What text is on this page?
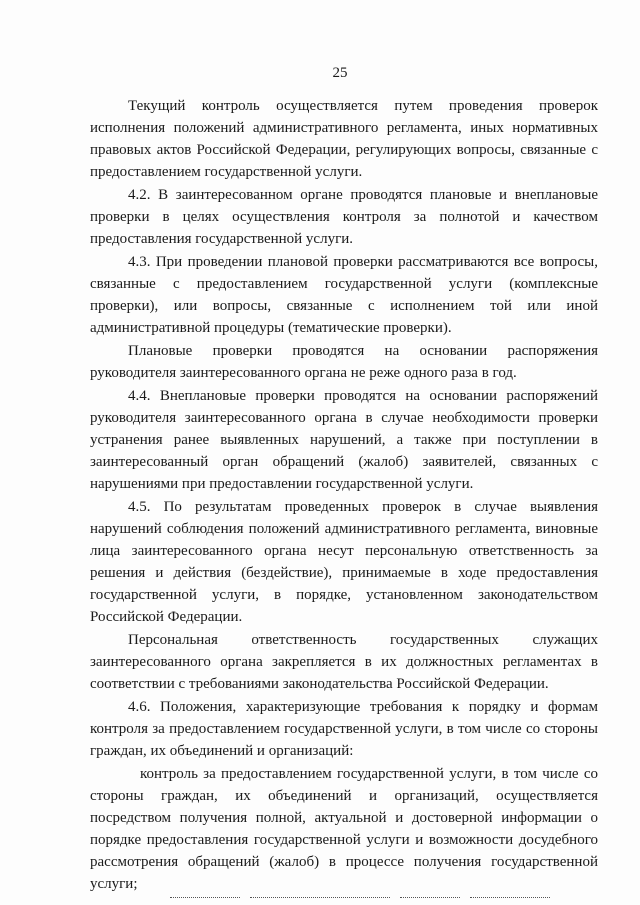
25

Текущий контроль осуществляется путем проведения проверок исполнения положений административного регламента, иных нормативных правовых актов Российской Федерации, регулирующих вопросы, связанные с предоставлением государственной услуги.

4.2. В заинтересованном органе проводятся плановые и внеплановые проверки в целях осуществления контроля за полнотой и качеством предоставления государственной услуги.

4.3. При проведении плановой проверки рассматриваются все вопросы, связанные с предоставлением государственной услуги (комплексные проверки), или вопросы, связанные с исполнением той или иной административной процедуры (тематические проверки).

Плановые проверки проводятся на основании распоряжения руководителя заинтересованного органа не реже одного раза в год.

4.4. Внеплановые проверки проводятся на основании распоряжений руководителя заинтересованного органа в случае необходимости проверки устранения ранее выявленных нарушений, а также при поступлении в заинтересованный орган обращений (жалоб) заявителей, связанных с нарушениями при предоставлении государственной услуги.

4.5. По результатам проведенных проверок в случае выявления нарушений соблюдения положений административного регламента, виновные лица заинтересованного органа несут персональную ответственность за решения и действия (бездействие), принимаемые в ходе предоставления государственной услуги, в порядке, установленном законодательством Российской Федерации.

Персональная ответственность государственных служащих заинтересованного органа закрепляется в их должностных регламентах в соответствии с требованиями законодательства Российской Федерации.

4.6. Положения, характеризующие требования к порядку и формам контроля за предоставлением государственной услуги, в том числе со стороны граждан, их объединений и организаций:

контроль за предоставлением государственной услуги, в том числе со стороны граждан, их объединений и организаций, осуществляется посредством получения полной, актуальной и достоверной информации о порядке предоставления государственной услуги и возможности досудебного рассмотрения обращений (жалоб) в процессе получения государственной услуги;
